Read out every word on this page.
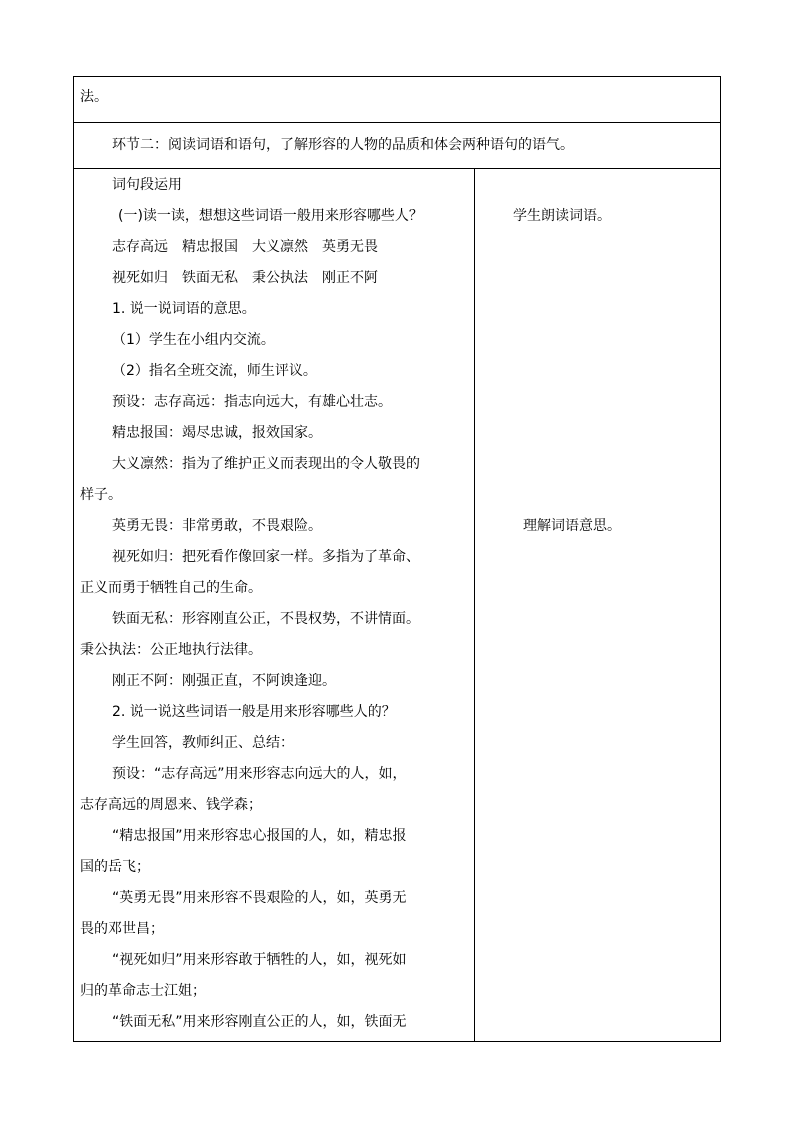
法。
环节二：阅读词语和语句，了解形容的人物的品质和体会两种语句的语气。
词句段运用
(一)读一读，想想这些词语一般用来形容哪些人？
志存高远　精忠报国　大义凛然　英勇无畏
视死如归　铁面无私　秉公执法　刚正不阿
1. 说一说词语的意思。
（1）学生在小组内交流。
（2）指名全班交流，师生评议。
预设：志存高远：指志向远大，有雄心壮志。
精忠报国：竭尽忠诚，报效国家。
大义凛然：指为了维护正义而表现出的令人敬畏的
样子。
英勇无畏：非常勇敢，不畏艰险。
视死如归：把死看作像回家一样。多指为了革命、
正义而勇于牺牲自己的生命。
铁面无私：形容刚直公正，不畏权势，不讲情面。
秉公执法：公正地执行法律。
刚正不阿：刚强正直，不阿谀逢迎。
2. 说一说这些词语一般是用来形容哪些人的？
学生回答，教师纠正、总结：
预设：“志存高远”用来形容志向远大的人，如，
志存高远的周恩来、钱学森；
“精忠报国”用来形容忠心报国的人，如，精忠报
国的岳飞；
“英勇无畏”用来形容不畏艰险的人，如，英勇无
畏的邓世昌；
“视死如归”用来形容敢于牺牲的人，如，视死如
归的革命志士江姐；
“铁面无私”用来形容刚直公正的人，如，铁面无
学生朗读词语。
理解词语意思。
